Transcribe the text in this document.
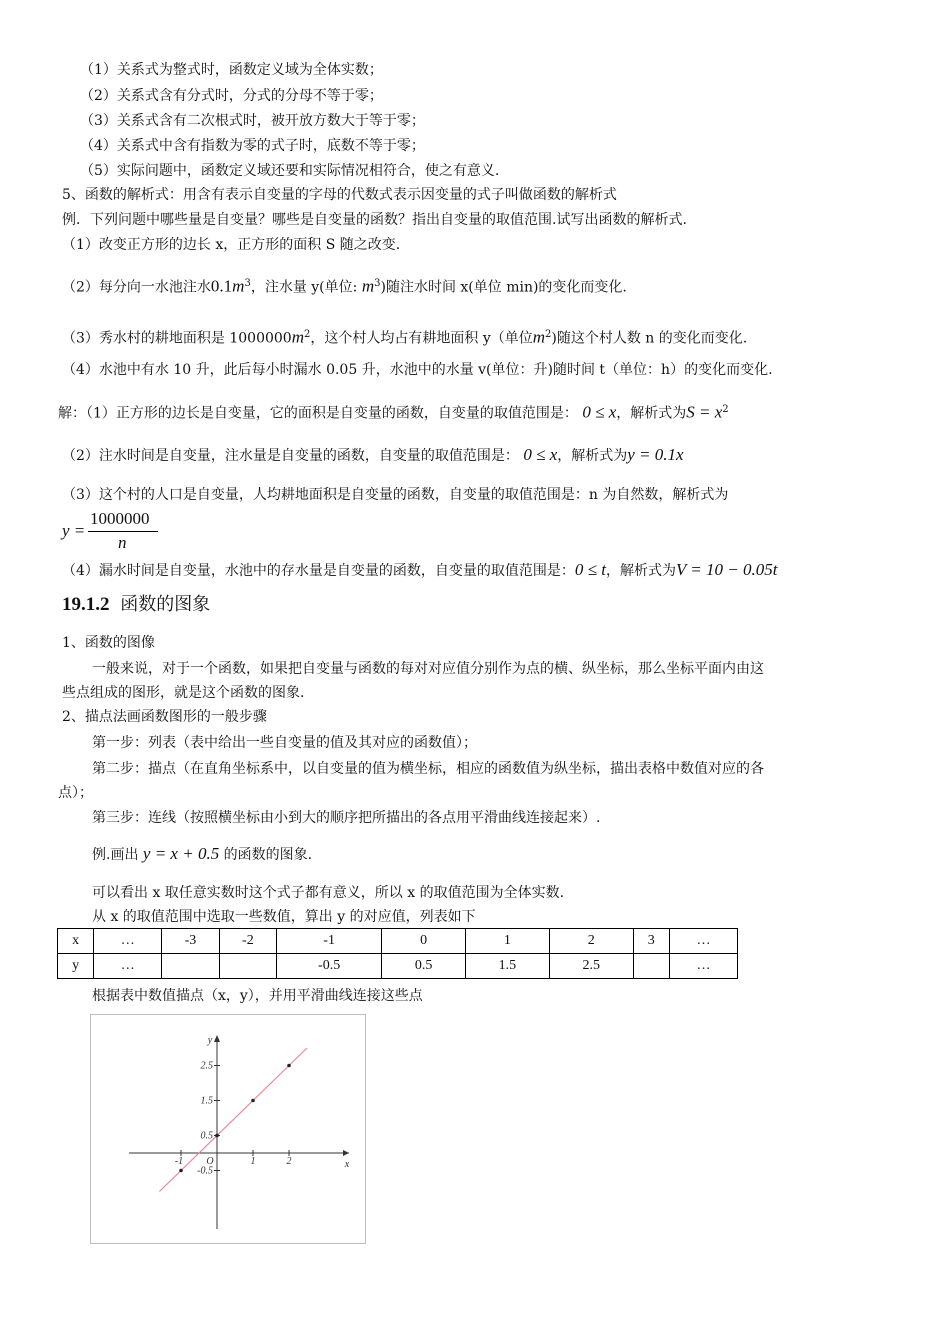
（1）关系式为整式时，函数定义域为全体实数；
（2）关系式含有分式时，分式的分母不等于零；
（3）关系式含有二次根式时，被开放方数大于等于零；
（4）关系式中含有指数为零的式子时，底数不等于零；
（5）实际问题中，函数定义域还要和实际情况相符合，使之有意义.
5、函数的解析式：用含有表示自变量的字母的代数式表示因变量的式子叫做函数的解析式
例．下列问题中哪些量是自变量？哪些是自变量的函数？指出自变量的取值范围.试写出函数的解析式.
（1）改变正方形的边长 x，正方形的面积 S 随之改变.
（2）每分向一水池注水$0.1m^3$，注水量 y(单位: $m^3$)随注水时间 x(单位 min)的变化而变化.
（3）秀水村的耕地面积是 $1000000m^2$，这个村人均占有耕地面积 y（单位$m^2$)随这个村人数 n 的变化而变化.
（4）水池中有水 10 升，此后每小时漏水 0.05 升，水池中的水量 v(单位：升)随时间 t（单位：h）的变化而变化.
解：（1）正方形的边长是自变量，它的面积是自变量的函数，自变量的取值范围是： 0 ≤ x，解析式为$S = x^2$
（2）注水时间是自变量，注水量是自变量的函数，自变量的取值范围是： 0 ≤ x，解析式为y = 0.1x
（3）这个村的人口是自变量，人均耕地面积是自变量的函数，自变量的取值范围是：n 为自然数，解析式为
y =
1000000
n
（4）漏水时间是自变量，水池中的存水量是自变量的函数，自变量的取值范围是：0 ≤ t，解析式为V = 10 − 0.05t
19.1.2 函数的图象
1、函数的图像
一般来说，对于一个函数，如果把自变量与函数的每对对应值分别作为点的横、纵坐标，那么坐标平面内由这
些点组成的图形，就是这个函数的图象.
2、描点法画函数图形的一般步骤
第一步：列表（表中给出一些自变量的值及其对应的函数值）；
第二步：描点（在直角坐标系中，以自变量的值为横坐标，相应的函数值为纵坐标，描出表格中数值对应的各
点）；
第三步：连线（按照横坐标由小到大的顺序把所描出的各点用平滑曲线连接起来）.
例.画出 y = x + 0.5 的函数的图象.
可以看出 x 取任意实数时这个式子都有意义，所以 x 的取值范围为全体实数.
从 x 的取值范围中选取一些数值，算出 y 的对应值，列表如下
x	…	-3	-2	-1	0	1	2	3	…
y	…			-0.5	0.5	1.5	2.5		…
根据表中数值描点（x，y），并用平滑曲线连接这些点
x
y
O
-1	1	2
2.5
1.5
0.5
-0.5
